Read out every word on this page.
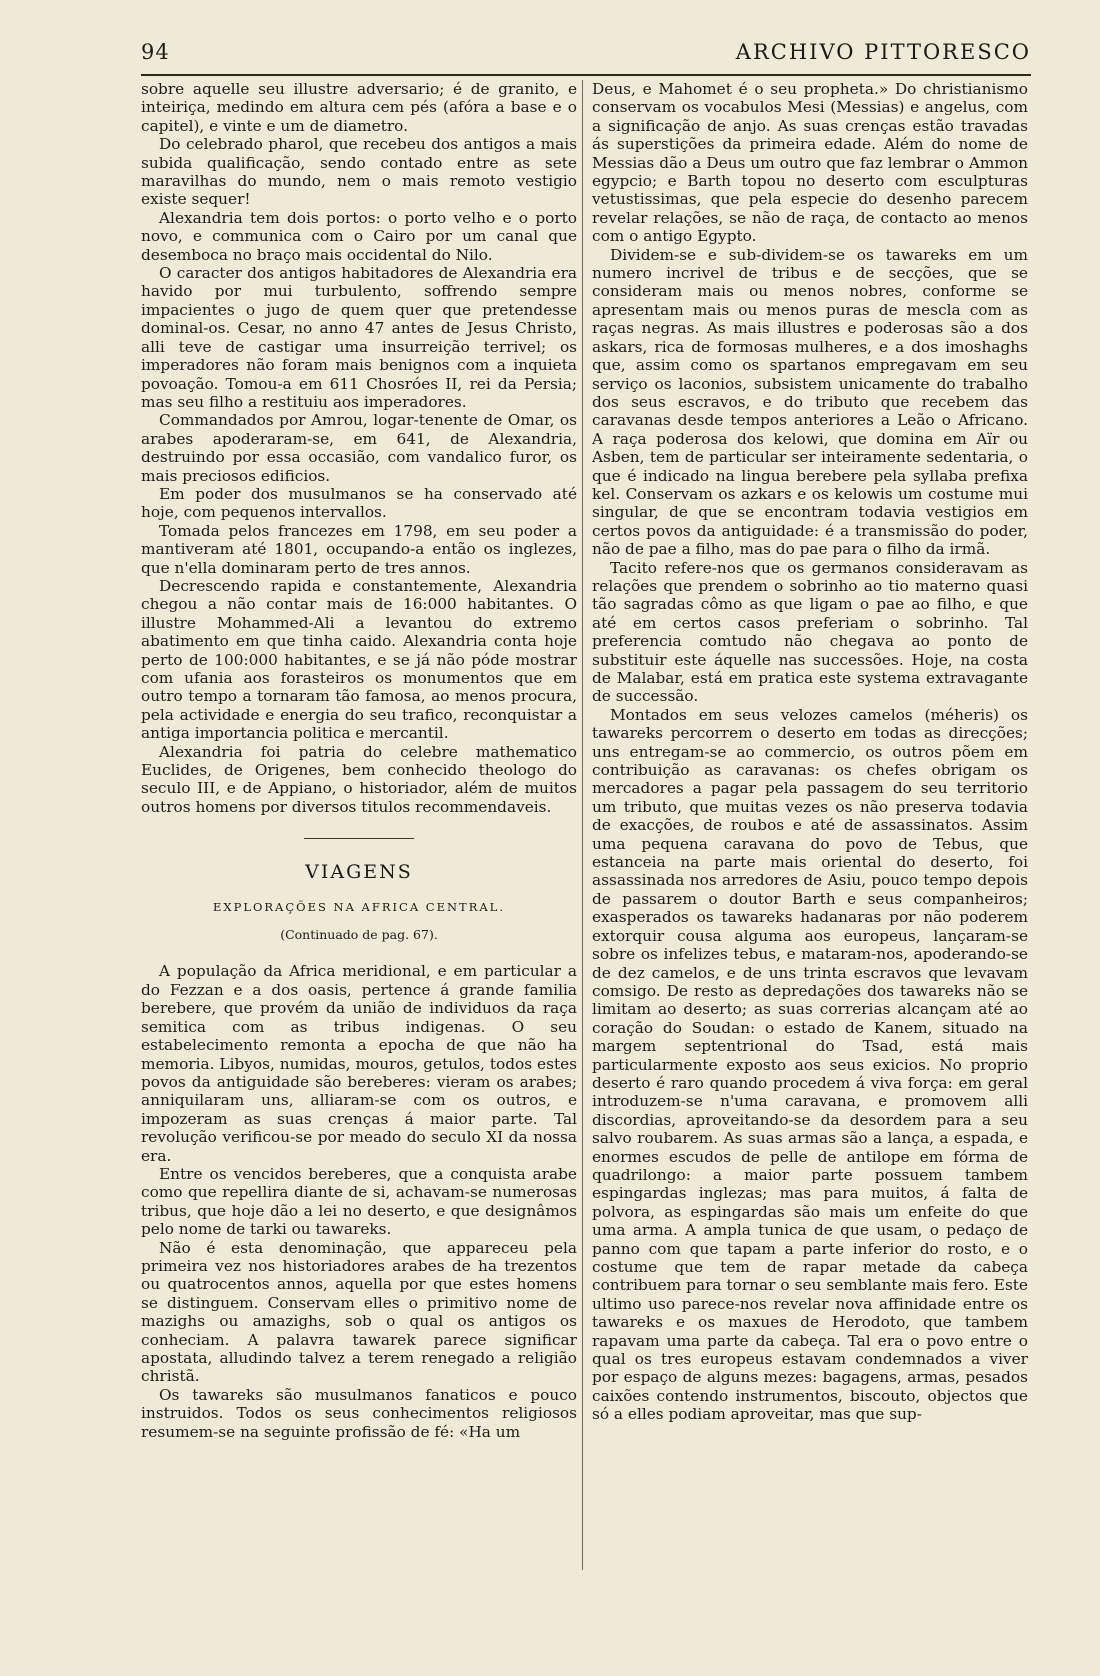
94	ARCHIVO PITTORESCO

sobre aquelle seu illustre adversario; é de granito, e inteiriça, medindo em altura cem pés (afóra a base e o capitel), e vinte e um de diametro.

Do celebrado pharol, que recebeu dos antigos a mais subida qualificação, sendo contado entre as sete maravilhas do mundo, nem o mais remoto vestigio existe sequer!

Alexandria tem dois portos: o porto velho e o porto novo, e communica com o Cairo por um canal que desemboca no braço mais occidental do Nilo.

O caracter dos antigos habitadores de Alexandria era havido por mui turbulento, soffrendo sempre impacientes o jugo de quem quer que pretendesse dominal-os. Cesar, no anno 47 antes de Jesus Christo, alli teve de castigar uma insurreição terrivel; os imperadores não foram mais benignos com a inquieta povoação. Tomou-a em 611 Chosróes II, rei da Persia; mas seu filho a restituiu aos imperadores.

Commandados por Amrou, logar-tenente de Omar, os arabes apoderaram-se, em 641, de Alexandria, destruindo por essa occasião, com vandalico furor, os mais preciosos edificios.

Em poder dos musulmanos se ha conservado até hoje, com pequenos intervallos.

Tomada pelos francezes em 1798, em seu poder a mantiveram até 1801, occupando-a então os inglezes, que n'ella dominaram perto de tres annos.

Decrescendo rapida e constantemente, Alexandria chegou a não contar mais de 16:000 habitantes. O illustre Mohammed-Ali a levantou do extremo abatimento em que tinha caido. Alexandria conta hoje perto de 100:000 habitantes, e se já não póde mostrar com ufania aos forasteiros os monumentos que em outro tempo a tornaram tão famosa, ao menos procura, pela actividade e energia do seu trafico, reconquistar a antiga importancia politica e mercantil.

Alexandria foi patria do celebre mathematico Euclides, de Origenes, bem conhecido theologo do seculo III, e de Appiano, o historiador, além de muitos outros homens por diversos titulos recommendaveis.

VIAGENS
EXPLORAÇÕES NA AFRICA CENTRAL.
(Continuado de pag. 67).

A população da Africa meridional, e em particular a do Fezzan e a dos oasis, pertence á grande familia berebere, que provém da união de individuos da raça semitica com as tribus indigenas. O seu estabelecimento remonta a epocha de que não ha memoria. Libyos, numidas, mouros, getulos, todos estes povos da antiguidade são bereberes: vieram os arabes; anniquilaram uns, alliaram-se com os outros, e impozeram as suas crenças á maior parte. Tal revolução verificou-se por meado do seculo XI da nossa era.

Entre os vencidos bereberes, que a conquista arabe como que repellira diante de si, achavam-se numerosas tribus, que hoje dão a lei no deserto, e que designâmos pelo nome de tarki ou tawareks.

Não é esta denominação, que appareceu pela primeira vez nos historiadores arabes de ha trezentos ou quatrocentos annos, aquella por que estes homens se distinguem. Conservam elles o primitivo nome de mazighs ou amazighs, sob o qual os antigos os conheciam. A palavra tawarek parece significar apostata, alludindo talvez a terem renegado a religião christã.

Os tawareks são musulmanos fanaticos e pouco instruidos. Todos os seus conhecimentos religiosos resumem-se na seguinte profissão de fé: «Ha um

Deus, e Mahomet é o seu propheta.» Do christianismo conservam os vocabulos Mesi (Messias) e angelus, com a significação de anjo. As suas crenças estão travadas ás superstições da primeira edade. Além do nome de Messias dão a Deus um outro que faz lembrar o Ammon egypcio; e Barth topou no deserto com esculpturas vetustissimas, que pela especie do desenho parecem revelar relações, se não de raça, de contacto ao menos com o antigo Egypto.

Dividem-se e sub-dividem-se os tawareks em um numero incrivel de tribus e de secções, que se consideram mais ou menos nobres, conforme se apresentam mais ou menos puras de mescla com as raças negras. As mais illustres e poderosas são a dos askars, rica de formosas mulheres, e a dos imoshaghs que, assim como os spartanos empregavam em seu serviço os laconios, subsistem unicamente do trabalho dos seus escravos, e do tributo que recebem das caravanas desde tempos anteriores a Leão o Africano. A raça poderosa dos kelowi, que domina em Aïr ou Asben, tem de particular ser inteiramente sedentaria, o que é indicado na lingua berebere pela syllaba prefixa kel. Conservam os azkars e os kelowis um costume mui singular, de que se encontram todavia vestigios em certos povos da antiguidade: é a transmissão do poder, não de pae a filho, mas do pae para o filho da irmã.

Tacito refere-nos que os germanos consideravam as relações que prendem o sobrinho ao tio materno quasi tão sagradas cômo as que ligam o pae ao filho, e que até em certos casos preferiam o sobrinho. Tal preferencia comtudo não chegava ao ponto de substituir este áquelle nas successões. Hoje, na costa de Malabar, está em pratica este systema extravagante de successão.

Montados em seus velozes camelos (méheris) os tawareks percorrem o deserto em todas as direcções; uns entregam-se ao commercio, os outros põem em contribuição as caravanas: os chefes obrigam os mercadores a pagar pela passagem do seu territorio um tributo, que muitas vezes os não preserva todavia de exacções, de roubos e até de assassinatos. Assim uma pequena caravana do povo de Tebus, que estanceia na parte mais oriental do deserto, foi assassinada nos arredores de Asiu, pouco tempo depois de passarem o doutor Barth e seus companheiros; exasperados os tawareks hadanaras por não poderem extorquir cousa alguma aos europeus, lançaram-se sobre os infelizes tebus, e mataram-nos, apoderando-se de dez camelos, e de uns trinta escravos que levavam comsigo. De resto as depredações dos tawareks não se limitam ao deserto; as suas correrias alcançam até ao coração do Soudan: o estado de Kanem, situado na margem septentrional do Tsad, está mais particularmente exposto aos seus exicios. No proprio deserto é raro quando procedem á viva força: em geral introduzem-se n'uma caravana, e promovem alli discordias, aproveitando-se da desordem para a seu salvo roubarem. As suas armas são a lança, a espada, e enormes escudos de pelle de antilope em fórma de quadrilongo: a maior parte possuem tambem espingardas inglezas; mas para muitos, á falta de polvora, as espingardas são mais um enfeite do que uma arma. A ampla tunica de que usam, o pedaço de panno com que tapam a parte inferior do rosto, e o costume que tem de rapar metade da cabeça contribuem para tornar o seu semblante mais fero. Este ultimo uso parece-nos revelar nova affinidade entre os tawareks e os maxues de Herodoto, que tambem rapavam uma parte da cabeça. Tal era o povo entre o qual os tres europeus estavam condemnados a viver por espaço de alguns mezes: bagagens, armas, pesados caixões contendo instrumentos, biscouto, objectos que só a elles podiam aproveitar, mas que sup-
